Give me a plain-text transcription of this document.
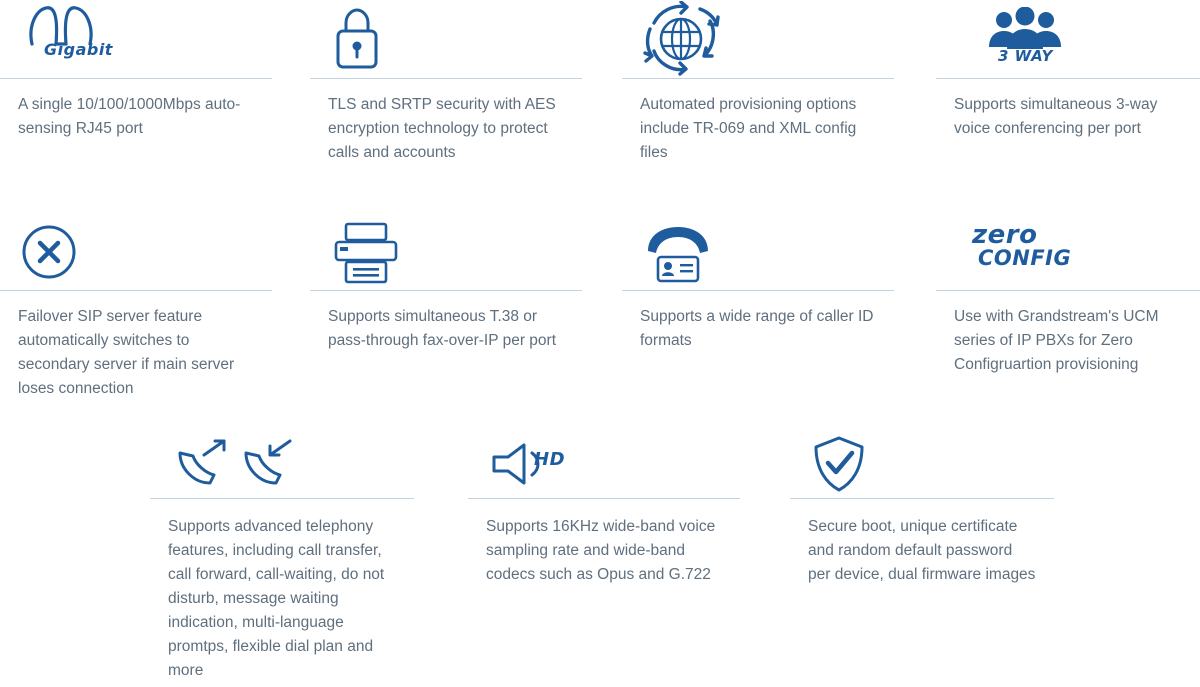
Gigabit
A single 10/100/1000Mbps auto-sensing RJ45 port
TLS and SRTP security with AES encryption technology to protect calls and accounts
Automated provisioning options include TR-069 and XML config files
3 WAY
Supports simultaneous 3-way voice conferencing per port
Failover SIP server feature automatically switches to secondary server if main server loses connection
Supports simultaneous T.38 or pass-through fax-over-IP per port
Supports a wide range of caller ID formats
zero
CONFIG
Use with Grandstream's UCM series of IP PBXs for Zero Configruartion provisioning
Supports advanced telephony features, including call transfer, call forward, call-waiting, do not disturb, message waiting indication, multi-language promtps, flexible dial plan and more
HD
Supports 16KHz wide-band voice sampling rate and wide-band codecs such as Opus and G.722
Secure boot, unique certificate and random default password per device, dual firmware images
